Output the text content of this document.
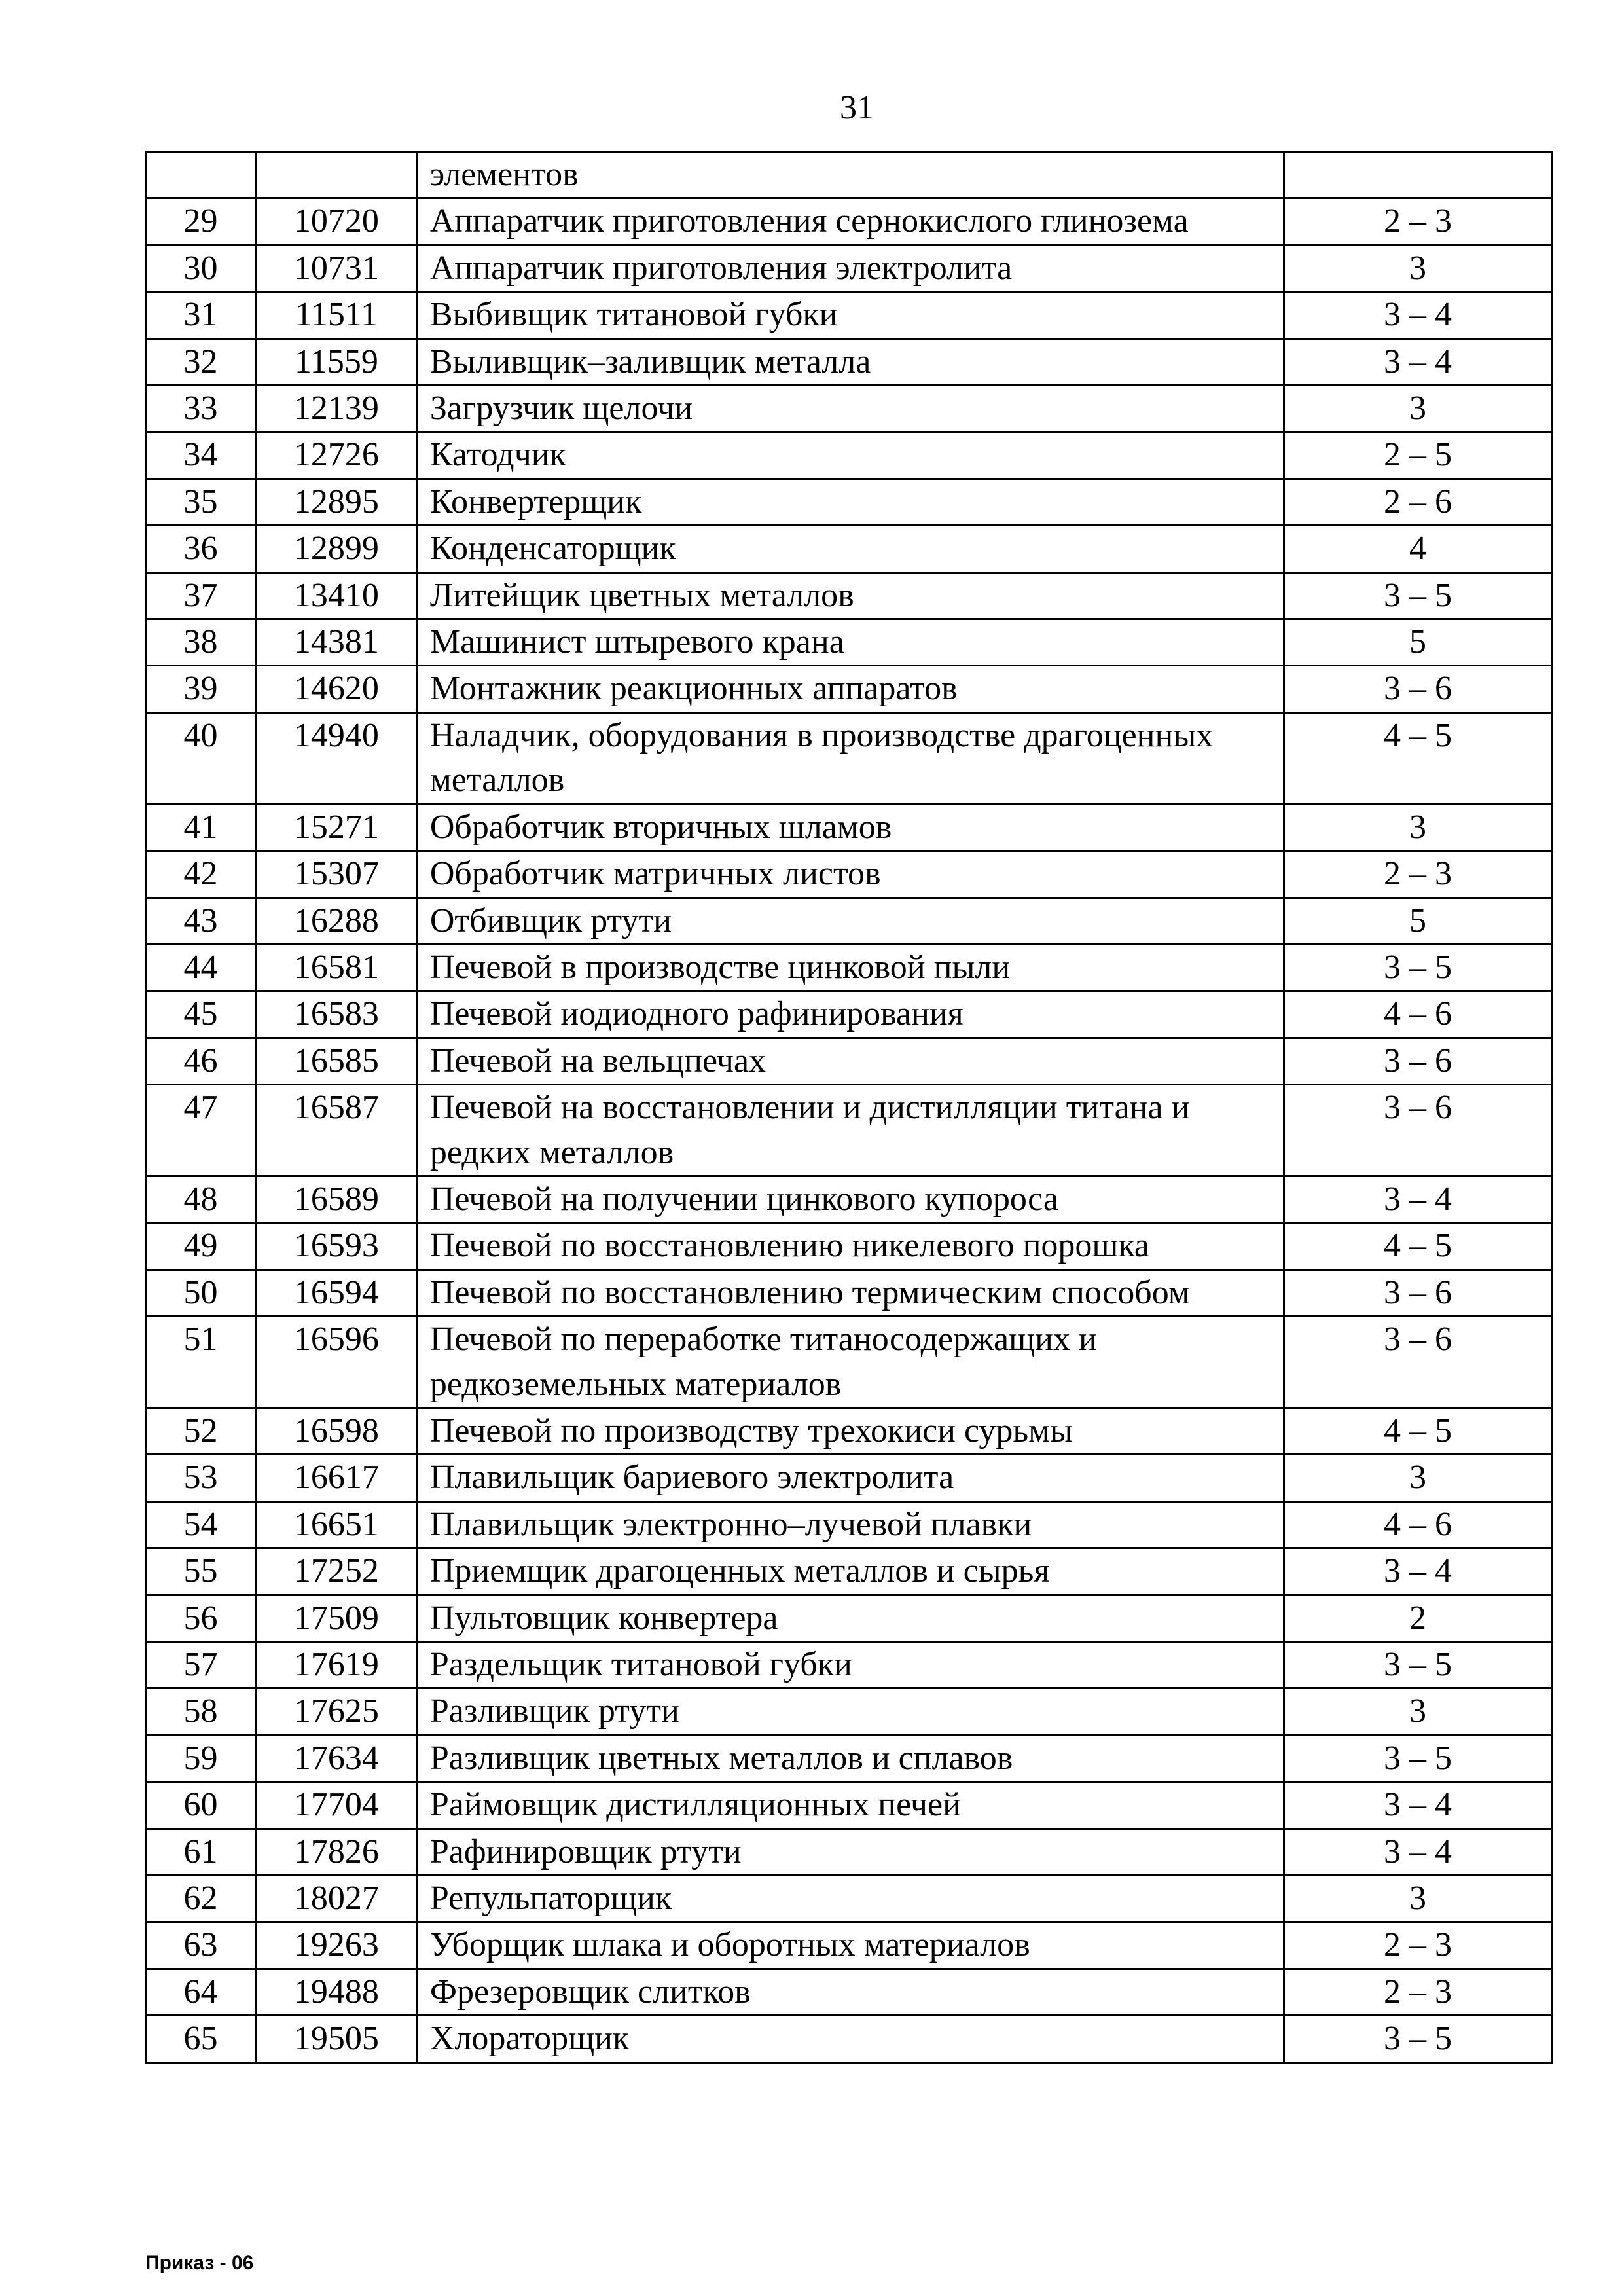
31
		элементов	
29	10720	Аппаратчик приготовления сернокислого глинозема	2 – 3
30	10731	Аппаратчик приготовления электролита	3
31	11511	Выбивщик титановой губки	3 – 4
32	11559	Выливщик–заливщик металла	3 – 4
33	12139	Загрузчик щелочи	3
34	12726	Катодчик	2 – 5
35	12895	Конвертерщик	2 – 6
36	12899	Конденсаторщик	4
37	13410	Литейщик цветных металлов	3 – 5
38	14381	Машинист штыревого крана	5
39	14620	Монтажник реакционных аппаратов	3 – 6
40	14940	Наладчик, оборудования в производстве драгоценных металлов	4 – 5
41	15271	Обработчик вторичных шламов	3
42	15307	Обработчик матричных листов	2 – 3
43	16288	Отбивщик ртути	5
44	16581	Печевой в производстве цинковой пыли	3 – 5
45	16583	Печевой иодиодного рафинирования	4 – 6
46	16585	Печевой на вельцпечах	3 – 6
47	16587	Печевой на восстановлении и дистилляции титана и редких металлов	3 – 6
48	16589	Печевой на получении цинкового купороса	3 – 4
49	16593	Печевой по восстановлению никелевого порошка	4 – 5
50	16594	Печевой по восстановлению термическим способом	3 – 6
51	16596	Печевой по переработке титаносодержащих и редкоземельных материалов	3 – 6
52	16598	Печевой по производству трехокиси сурьмы	4 – 5
53	16617	Плавильщик бариевого электролита	3
54	16651	Плавильщик электронно–лучевой плавки	4 – 6
55	17252	Приемщик драгоценных металлов и сырья	3 – 4
56	17509	Пультовщик конвертера	2
57	17619	Раздельщик титановой губки	3 – 5
58	17625	Разливщик ртути	3
59	17634	Разливщик цветных металлов и сплавов	3 – 5
60	17704	Раймовщик дистилляционных печей	3 – 4
61	17826	Рафинировщик ртути	3 – 4
62	18027	Репульпаторщик	3
63	19263	Уборщик шлака и оборотных материалов	2 – 3
64	19488	Фрезеровщик слитков	2 – 3
65	19505	Хлораторщик	3 – 5
Приказ - 06
